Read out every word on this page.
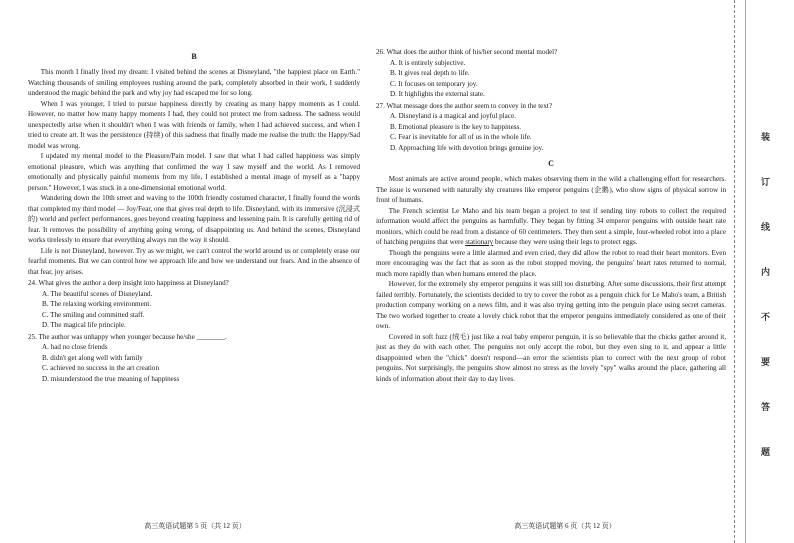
B

This month I finally lived my dream: I visited behind the scenes at Disneyland, "the happiest place on Earth." Watching thousands of smiling employees rushing around the park, completely absorbed in their work, I suddenly understood the magic behind the park and why joy had escaped me for so long.

When I was younger, I tried to pursue happiness directly by creating as many happy moments as I could. However, no matter how many happy moments I had, they could not protect me from sadness. The sadness would unexpectedly arise when it shouldn't when I was with friends or family, when I had achieved success, and when I tried to create art. It was the persistence (持续) of this sadness that finally made me realise the truth: the Happy/Sad model was wrong.

I updated my mental model to the Pleasure/Pain model. I saw that what I had called happiness was simply emotional pleasure, which was anything that confirmed the way I saw myself and the world. As I removed emotionally and physically painful moments from my life, I established a mental image of myself as a "happy person." However, I was stuck in a one-dimensional emotional world.

Wandering down the 10th street and waving to the 100th friendly costumed character, I finally found the words that completed my third model — Joy/Fear, one that gives real depth to life. Disneyland, with its immersive (沉浸式的) world and perfect performances, goes beyond creating happiness and lessening pain. It is carefully getting rid of fear. It removes the possibility of anything going wrong, of disappointing us. And behind the scenes, Disneyland works tirelessly to ensure that everything always run the way it should.

Life is not Disneyland, however. Try as we might, we can't control the world around us or completely erase our fearful moments. But we can control how we approach life and how we understand our fears. And in the absence of that fear, joy arises.

24. What gives the author a deep insight into happiness at Disneyland?

A. The beautiful scenes of Disneyland.
B. The relaxing working environment.
C. The smiling and committed staff.
D. The magical life principle.

25. The author was unhappy when younger because he/she ________.

A. had no close friends
B. didn't get along well with family
C. achieved no success in the art creation
D. misunderstood the true meaning of happiness
高三英语试题第 5 页（共 12 页）

26. What does the author think of his/her second mental model?

A. It is entirely subjective.
B. It gives real depth to life.
C. It focuses on temporary joy.
D. It highlights the external state.

27. What message does the author seem to convey in the text?

A. Disneyland is a magical and joyful place.
B. Emotional pleasure is the key to happiness.
C. Fear is inevitable for all of us in the whole life.
D. Approaching life with devotion brings genuine joy.

C

Most animals are active around people, which makes observing them in the wild a challenging effort for researchers. The issue is worsened with naturally shy creatures like emperor penguins (企鹅), who show signs of physical sorrow in front of humans.

The French scientist Le Maho and his team began a project to test if sending tiny robots to collect the required information would affect the penguins as harmfully. They began by fitting 34 emperor penguins with outside heart rate monitors, which could be read from a distance of 60 centimeters. They then sent a simple, four-wheeled robot into a place of hatching penguins that were stationary because they were using their legs to protect eggs.

Though the penguins were a little alarmed and even cried, they did allow the robot to read their heart monitors. Even more encouraging was the fact that as soon as the robot stopped moving, the penguins' heart rates returned to normal, much more rapidly than when humans entered the place.

However, for the extremely shy emperor penguins it was still too disturbing. After some discussions, their first attempt failed terribly. Fortunately, the scientists decided to try to cover the robot as a penguin chick for Le Maho's team, a British production company working on a news film, and it was also trying getting into the penguin place using secret cameras. The two worked together to create a lovely chick robot that the emperor penguins immediately considered as one of their own.

Covered in soft fuzz (绒毛) just like a real baby emperor penguin, it is so believable that the chicks gather around it, just as they do with each other. The penguins not only accept the robot, but they even sing to it, and appear a little disappointed when the "chick" doesn't respond—an error the scientists plan to correct with the next group of robot penguins. Not surprisingly, the penguins show almost no stress as the lovely "spy" walks around the place, gathering all kinds of information about their day to day lives.

高三英语试题第 6 页（共 12 页）
装
订
线
内
不
要
答
题
